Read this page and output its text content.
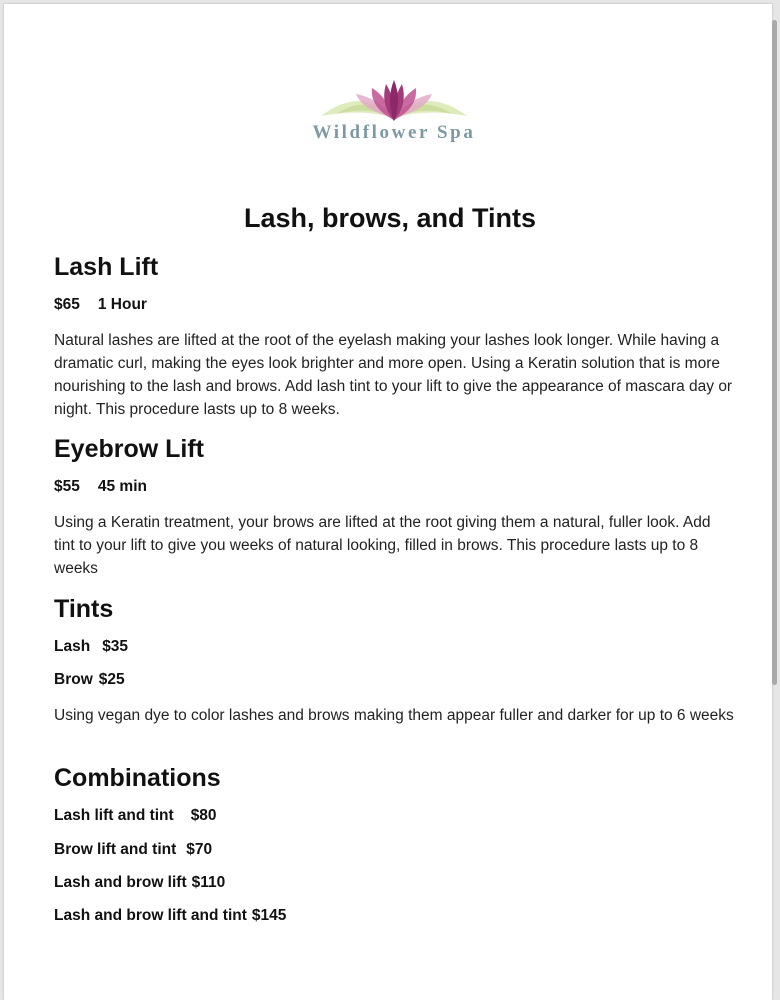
Wildflower Spa
Lash, brows, and Tints
Lash Lift

$65 1 Hour

Natural lashes are lifted at the root of the eyelash making your lashes look longer. While having a dramatic curl, making the eyes look brighter and more open. Using a Keratin solution that is more nourishing to the lash and brows. Add lash tint to your lift to give the appearance of mascara day or night. This procedure lasts up to 8 weeks.

Eyebrow Lift

$55 45 min

Using a Keratin treatment, your brows are lifted at the root giving them a natural, fuller look. Add tint to your lift to give you weeks of natural looking, filled in brows. This procedure lasts up to 8 weeks

Tints

Lash $35

Brow $25

Using vegan dye to color lashes and brows making them appear fuller and darker for up to 6 weeks

Combinations

Lash lift and tint $80

Brow lift and tint $70

Lash and brow lift $110

Lash and brow lift and tint $145
